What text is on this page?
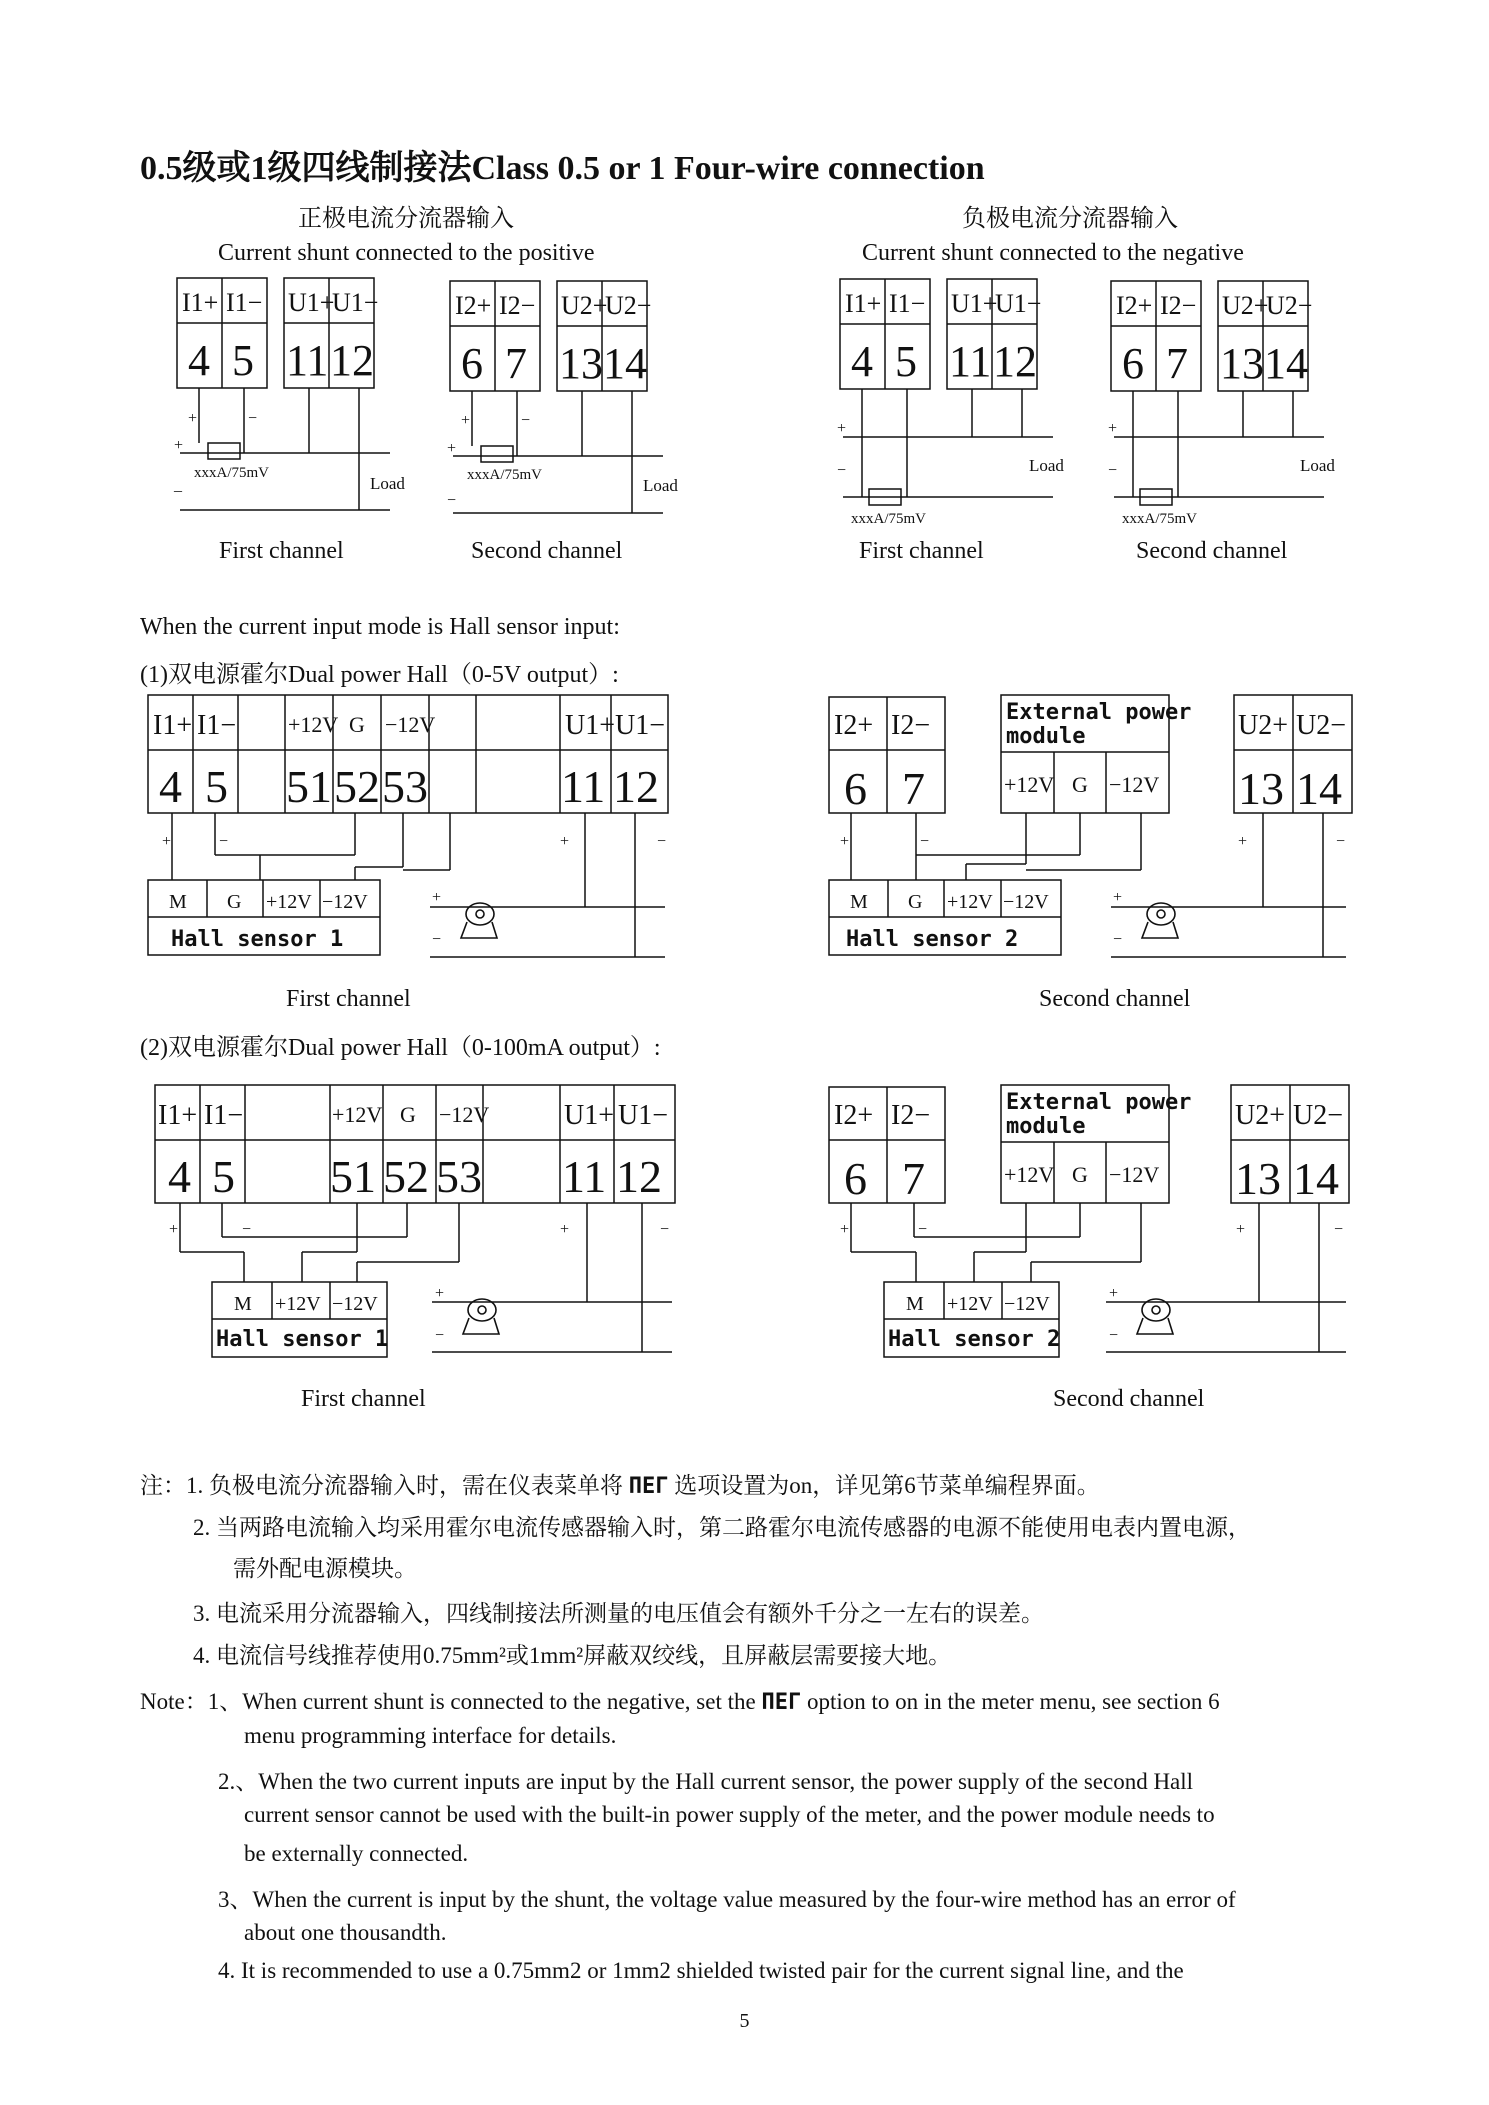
0.5级或1级四线制接法Class 0.5 or 1 Four-wire connection
正极电流分流器输入
Current shunt connected to the positive
负极电流分流器输入
Current shunt connected to the negative
I1+ I1− U1+
U1−
4 5 11 12
+	−
+
_
xxxA/75mV
Load
I2+ I2− U2+
U2−
6 7 13 14
+	−
+
−
xxxA/75mV
Load
I1+ I1− U1+
U1−
4 5 11 12
+
−
xxxA/75mV
Load
I2+ I2− U2+
U2−
6 7 13 14
+
−
xxxA/75mV
Load
First channel	Second channel	First channel	Second channel
When the current input mode is Hall sensor input:
(1)双电源霍尔Dual power Hall（0-5V output）:
I1+ I1− +12V G −12V	U1+ U1−
4 5 51 52 53	11 12
+	−	+	−
+
−
M G +12V −12V
Hall sensor 1
I2+ I2−	External power
module
+12V G −12V
U2+ U2−
6 7	13 14
+	−	+	−
+
−
M G +12V −12V
Hall sensor 2
First channel	Second channel
(2)双电源霍尔Dual power Hall（0-100mA output）:
I1+ I1−	+12V G −12V	U1+ U1−
4 5 51 52 53 11 12
+	−	+	−
+
−
M +12V −12V
Hall sensor 1
I2+ I2−	External power
module
+12V G −12V
U2+ U2−
6 7	13 14
+	−	+	−
+
−
M +12V −12V
Hall sensor 2
First channel	Second channel
注：1. 负极电流分流器输入时，需在仪表菜单将 ΠEΓ 选项设置为on，详见第6节菜单编程界面。
2. 当两路电流输入均采用霍尔电流传感器输入时，第二路霍尔电流传感器的电源不能使用电表内置电源，
需外配电源模块。
3. 电流采用分流器输入，四线制接法所测量的电压值会有额外千分之一左右的误差。
4. 电流信号线推荐使用0.75mm²或1mm²屏蔽双绞线，且屏蔽层需要接大地。
Note：1、When current shunt is connected to the negative, set the ΠEΓ option to on in the meter menu, see section 6
menu programming interface for details.
2.、When the two current inputs are input by the Hall current sensor, the power supply of the second Hall
current sensor cannot be used with the built-in power supply of the meter, and the power module needs to
be externally connected.
3、When the current is input by the shunt, the voltage value measured by the four-wire method has an error of
about one thousandth.
4. It is recommended to use a 0.75mm2 or 1mm2 shielded twisted pair for the current signal line, and the
5
